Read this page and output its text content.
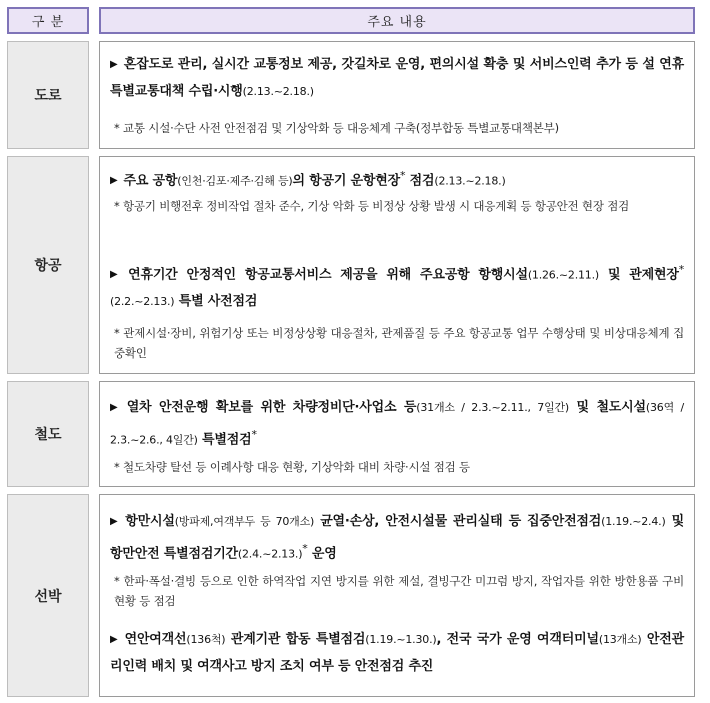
구 분	주요 내용
도로
▶ 혼잡도로 관리, 실시간 교통정보 제공, 갓길차로 운영, 편의시설 확충 및 서비스인력 추가 등 설 연휴 특별교통대책 수립·시행(2.13.~2.18.)
* 교통 시설·수단 사전 안전점검 및 기상악화 등 대응체계 구축(정부합동 특별교통대책본부)
항공
▶ 주요 공항(인천·김포·제주·김해 등)의 항공기 운항현장* 점검(2.13.~2.18.)
* 항공기 비행전후 정비작업 절차 준수, 기상 악화 등 비정상 상황 발생 시 대응계획 등 항공안전 현장 점검
▶ 연휴기간 안정적인 항공교통서비스 제공을 위해 주요공항 항행시설(1.26.~2.11.) 및 관제현장*(2.2.~2.13.) 특별 사전점검
* 관제시설·장비, 위험기상 또는 비정상상황 대응절차, 관제품질 등 주요 항공교통 업무 수행상태 및 비상대응체계 집중확인
철도
▶ 열차 안전운행 확보를 위한 차량정비단·사업소 등(31개소 / 2.3.~2.11., 7일간) 및 철도시설(36역 / 2.3.~2.6., 4일간) 특별점검*
* 철도차량 탈선 등 이례사항 대응 현황, 기상악화 대비 차량·시설 점검 등
선박
▶ 항만시설(방파제,여객부두 등 70개소) 균열·손상, 안전시설물 관리실태 등 집중안전점검(1.19.~2.4.) 및 항만안전 특별점검기간(2.4.~2.13.)* 운영
* 한파·폭설·결빙 등으로 인한 하역작업 지연 방지를 위한 제설, 결빙구간 미끄럼 방지, 작업자를 위한 방한용품 구비현황 등 점검
▶ 연안여객선(136척) 관계기관 합동 특별점검(1.19.~1.30.), 전국 국가 운영 여객터미널(13개소) 안전관리인력 배치 및 여객사고 방지 조치 여부 등 안전점검 추진
